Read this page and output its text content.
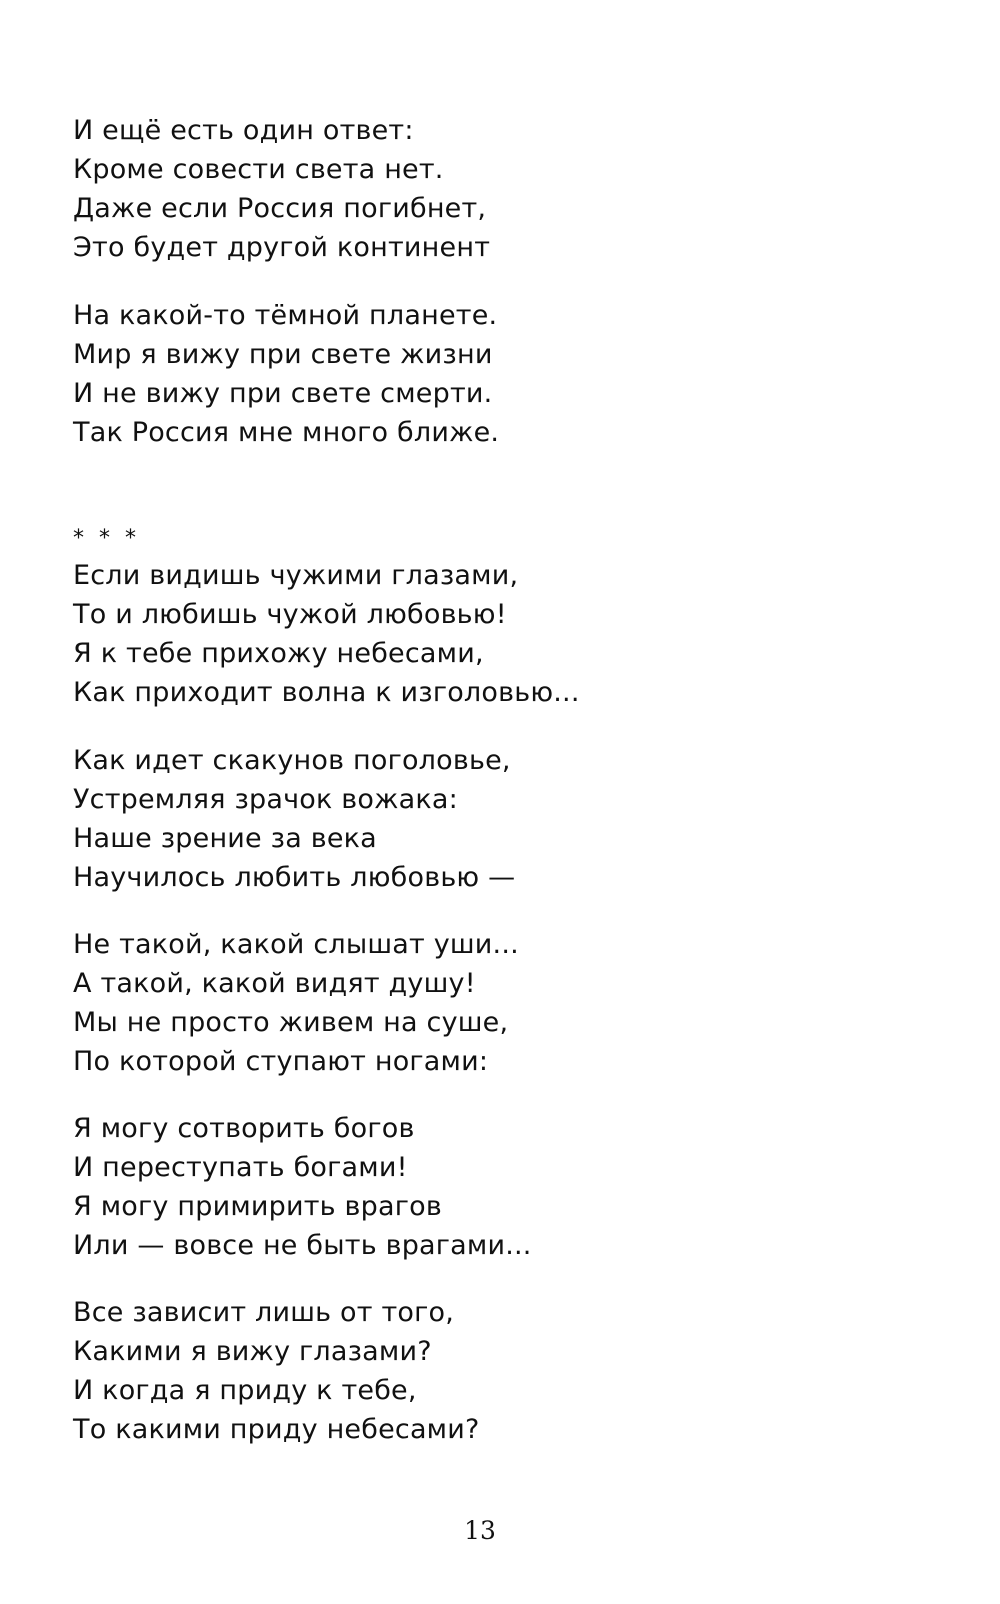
И ещё есть один ответ:
Кроме совести света нет.
Даже если Россия погибнет,
Это будет другой континент
На какой-то тёмной планете.
Мир я вижу при свете жизни
И не вижу при свете смерти.
Так Россия мне много ближе.
* * *
Если видишь чужими глазами,
То и любишь чужой любовью!
Я к тебе прихожу небесами,
Как приходит волна к изголовью...
Как идет скакунов поголовье,
Устремляя зрачок вожака:
Наше зрение за века
Научилось любить любовью —
Не такой, какой слышат уши...
А такой, какой видят душу!
Мы не просто живем на суше,
По которой ступают ногами:
Я могу сотворить богов
И переступать богами!
Я могу примирить врагов
Или — вовсе не быть врагами...
Все зависит лишь от того,
Какими я вижу глазами?
И когда я приду к тебе,
То какими приду небесами?
13
